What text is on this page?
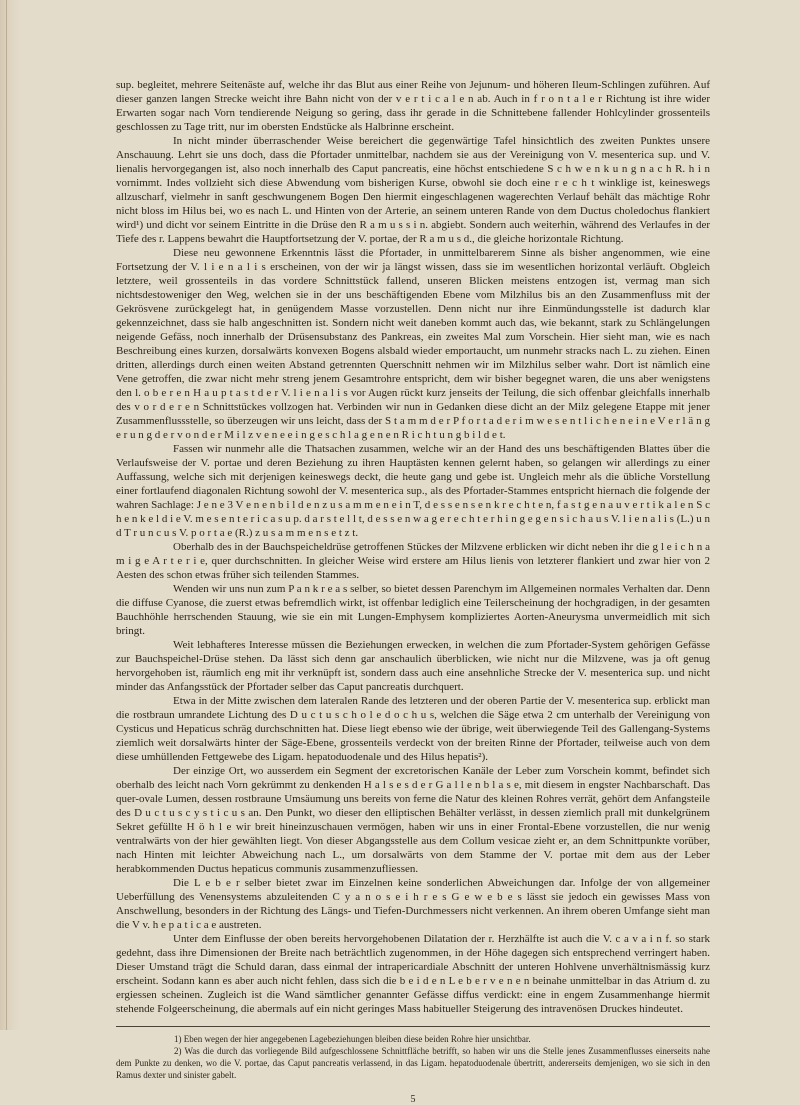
sup. begleitet, mehrere Seitenäste auf, welche ihr das Blut aus einer Reihe von Jejunum- und höheren Ileum-Schlingen zuführen. Auf dieser ganzen langen Strecke weicht ihre Bahn nicht von der v e r t i c a l e n ab. Auch in f r o n t a l e r Richtung ist ihre wider Erwarten sogar nach Vorn tendierende Neigung so gering, dass ihr gerade in die Schnittebene fallender Hohlcylinder grossenteils geschlossen zu Tage tritt, nur im obersten Endstücke als Halbrinne erscheint.

In nicht minder überraschender Weise bereichert die gegenwärtige Tafel hinsichtlich des zweiten Punktes unsere Anschauung. Lehrt sie uns doch, dass die Pfortader unmittelbar, nachdem sie aus der Vereinigung von V. mesenterica sup. und V. lienalis hervorgegangen ist, also noch innerhalb des Caput pancreatis, eine höchst entschiedene S c h w e n k u n g n a c h R. h i n vornimmt. Indes vollzieht sich diese Abwendung vom bisherigen Kurse, obwohl sie doch eine r e c h t winklige ist, keineswegs allzuscharf, vielmehr in sanft geschwungenem Bogen Den hiermit eingeschlagenen wagerechten Verlauf behält das mächtige Rohr nicht bloss im Hilus bei, wo es nach L. und Hinten von der Arterie, an seinem unteren Rande von dem Ductus choledochus flankiert wird¹) und dicht vor seinem Eintritte in die Drüse den R a m u s s i n. abgiebt. Sondern auch weiterhin, während des Verlaufes in der Tiefe des r. Lappens bewahrt die Hauptfortsetzung der V. portae, der R a m u s d., die gleiche horizontale Richtung.

Diese neu gewonnene Erkenntnis lässt die Pfortader, in unmittelbarerem Sinne als bisher angenommen, wie eine Fortsetzung der V. l i e n a l i s erscheinen, von der wir ja längst wissen, dass sie im wesentlichen horizontal verläuft. Obgleich letztere, weil grossenteils in das vordere Schnittstück fallend, unseren Blicken meistens entzogen ist, vermag man sich nichtsdestoweniger den Weg, welchen sie in der uns beschäftigenden Ebene vom Milzhilus bis an den Zusammenfluss mit der Gekrösvene zurückgelegt hat, in genügendem Masse vorzustellen. Denn nicht nur ihre Einmündungsstelle ist dadurch klar gekennzeichnet, dass sie halb angeschnitten ist. Sondern nicht weit daneben kommt auch das, wie bekannt, stark zu Schlängelungen neigende Gefäss, noch innerhalb der Drüsensubstanz des Pankreas, ein zweites Mal zum Vorschein. Hier sieht man, wie es nach Beschreibung eines kurzen, dorsalwärts konvexen Bogens alsbald wieder emportaucht, um nunmehr stracks nach L. zu ziehen. Einen dritten, allerdings durch einen weiten Abstand getrennten Querschnitt nehmen wir im Milzhilus selber wahr. Dort ist nämlich eine Vene getroffen, die zwar nicht mehr streng jenem Gesamtrohre entspricht, dem wir bisher begegnet waren, die uns aber wenigstens den l. o b e r e n H a u p t a s t d e r V. l i e n a l i s vor Augen rückt kurz jenseits der Teilung, die sich offenbar gleichfalls innerhalb des v o r d e r e n Schnittstückes vollzogen hat. Verbinden wir nun in Gedanken diese dicht an der Milz gelegene Etappe mit jener Zusammenflussstelle, so überzeugen wir uns leicht, dass der S t a m m d e r P f o r t a d e r i m w e s e n t l i c h e n e i n e V e r l ä n g e r u n g d e r v o n d e r M i l z v e n e e i n g e s c h l a g e n e n R i c h t u n g b i l d e t.

Fassen wir nunmehr alle die Thatsachen zusammen, welche wir an der Hand des uns beschäftigenden Blattes über die Verlaufsweise der V. portae und deren Beziehung zu ihren Hauptästen kennen gelernt haben, so gelangen wir allerdings zu einer Auffassung, welche sich mit derjenigen keineswegs deckt, die heute gang und gebe ist. Ungleich mehr als die übliche Vorstellung einer fortlaufend diagonalen Richtung sowohl der V. mesenterica sup., als des Pfortader-Stammes entspricht hiernach die folgende der wahren Sachlage: J e n e 3 V e n e n b i l d e n z u s a m m e n e i n T, d e s s e n s e n k r e c h t e n, f a s t g e n a u v e r t i k a l e n S c h e n k e l d i e V. m e s e n t e r i c a s u p. d a r s t e l l t, d e s s e n w a g e r e c h t e r h i n g e g e n s i c h a u s V. l i e n a l i s (L.) u n d T r u n c u s V. p o r t a e (R.) z u s a m m e n s e t z t.

Oberhalb des in der Bauchspeicheldrüse getroffenen Stückes der Milzvene erblicken wir dicht neben ihr die g l e i c h n a m i g e A r t e r i e, quer durchschnitten. In gleicher Weise wird erstere am Hilus lienis von letzterer flankiert und zwar hier von 2 Aesten des schon etwas früher sich teilenden Stammes.

Wenden wir uns nun zum P a n k r e a s selber, so bietet dessen Parenchym im Allgemeinen normales Verhalten dar. Denn die diffuse Cyanose, die zuerst etwas befremdlich wirkt, ist offenbar lediglich eine Teilerscheinung der hochgradigen, in der gesamten Bauchhöhle herrschenden Stauung, wie sie ein mit Lungen-Emphysem kompliziertes Aorten-Aneurysma unvermeidlich mit sich bringt.

Weit lebhafteres Interesse müssen die Beziehungen erwecken, in welchen die zum Pfortader-System gehörigen Gefässe zur Bauchspeichel-Drüse stehen. Da lässt sich denn gar anschaulich überblicken, wie nicht nur die Milzvene, was ja oft genug hervorgehoben ist, räumlich eng mit ihr verknüpft ist, sondern dass auch eine ansehnliche Strecke der V. mesenterica sup. und nicht minder das Anfangsstück der Pfortader selber das Caput pancreatis durchquert.

Etwa in der Mitte zwischen dem lateralen Rande des letzteren und der oberen Partie der V. mesenterica sup. erblickt man die rostbraun umrandete Lichtung des D u c t u s c h o l e d o c h u s, welchen die Säge etwa 2 cm unterhalb der Vereinigung von Cysticus und Hepaticus schräg durchschnitten hat. Diese liegt ebenso wie der übrige, weit überwiegende Teil des Gallengang-Systems ziemlich weit dorsalwärts hinter der Säge-Ebene, grossenteils verdeckt von der breiten Rinne der Pfortader, teilweise auch von dem diese umhüllenden Fettgewebe des Ligam. hepatoduodenale und des Hilus hepatis²).

Der einzige Ort, wo ausserdem ein Segment der excretorischen Kanäle der Leber zum Vorschein kommt, befindet sich oberhalb des leicht nach Vorn gekrümmt zu denkenden H a l s e s d e r G a l l e n b l a s e, mit diesem in engster Nachbarschaft. Das quer-ovale Lumen, dessen rostbraune Umsäumung uns bereits von ferne die Natur des kleinen Rohres verrät, gehört dem Anfangsteile des D u c t u s c y s t i c u s an. Den Punkt, wo dieser den elliptischen Behälter verlässt, in dessen ziemlich prall mit dunkelgrünem Sekret gefüllte H ö h l e wir breit hineinzuschauen vermögen, haben wir uns in einer Frontal-Ebene vorzustellen, die nur wenig ventralwärts von der hier gewählten liegt. Von dieser Abgangsstelle aus dem Collum vesicae zieht er, an dem Schnittpunkte vorüber, nach Hinten mit leichter Abweichung nach L., um dorsalwärts von dem Stamme der V. portae mit dem aus der Leber herabkommenden Ductus hepaticus communis zusammenzufliessen.

Die L e b e r selber bietet zwar im Einzelnen keine sonderlichen Abweichungen dar. Infolge der von allgemeiner Ueberfüllung des Venensystems abzuleitenden C y a n o s e i h r e s G e w e b e s lässt sie jedoch ein gewisses Mass von Anschwellung, besonders in der Richtung des Längs- und Tiefen-Durchmessers nicht verkennen. An ihrem oberen Umfange sieht man die V v. h e p a t i c a e austreten.

Unter dem Einflusse der oben bereits hervorgehobenen Dilatation der r. Herzhälfte ist auch die V. c a v a i n f. so stark gedehnt, dass ihre Dimensionen der Breite nach beträchtlich zugenommen, in der Höhe dagegen sich entsprechend verringert haben. Dieser Umstand trägt die Schuld daran, dass einmal der intrapericardiale Abschnitt der unteren Hohlvene unverhältnismässig kurz erscheint. Sodann kann es aber auch nicht fehlen, dass sich die b e i d e n L e b e r v e n e n beinahe unmittelbar in das Atrium d. zu ergiessen scheinen. Zugleich ist die Wand sämtlicher genannter Gefässe diffus verdickt: eine in engem Zusammenhange hiermit stehende Folgeerscheinung, die abermals auf ein nicht geringes Mass habitueller Steigerung des intravenösen Druckes hindeutet.

1) Eben wegen der hier angegebenen Lagebeziehungen bleiben diese beiden Rohre hier unsichtbar.

2) Was die durch das vorliegende Bild aufgeschlossene Schnittfläche betrifft, so haben wir uns die Stelle jenes Zusammenflusses einerseits nahe dem Punkte zu denken, wo die V. portae, das Caput pancreatis verlassend, in das Ligam. hepatoduodenale übertritt, andererseits demjenigen, wo sie sich in den Ramus dexter und sinister gabelt.

5
